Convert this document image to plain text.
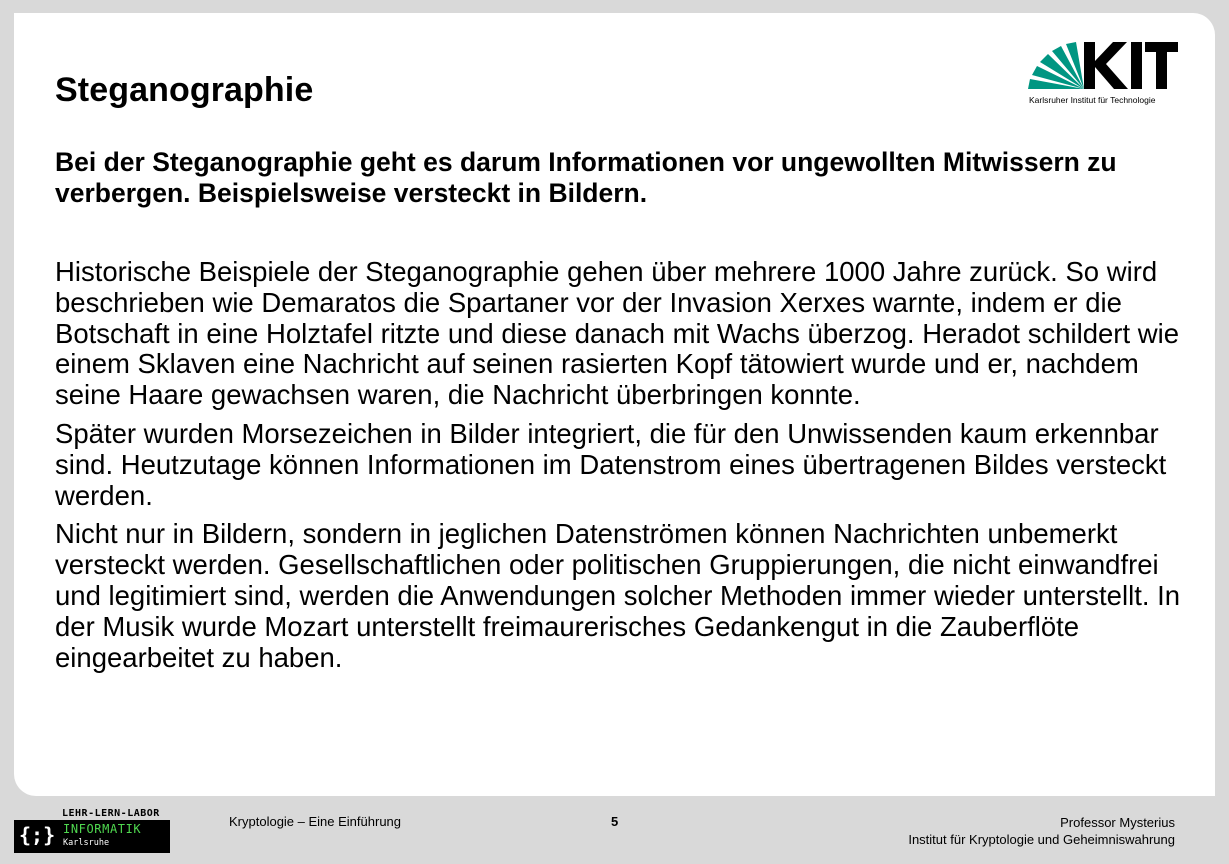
Steganographie	Karlsruher Institut für Technologie
Bei der Steganographie geht es darum Informationen vor ungewollten Mitwissern zu verbergen. Beispielsweise versteckt in Bildern.

Historische Beispiele der Steganographie gehen über mehrere 1000 Jahre zurück. So wird beschrieben wie Demaratos die Spartaner vor der Invasion Xerxes warnte, indem er die Botschaft in eine Holztafel ritzte und diese danach mit Wachs überzog. Heradot schildert wie einem Sklaven eine Nachricht auf seinen rasierten Kopf tätowiert wurde und er, nachdem seine Haare gewachsen waren, die Nachricht überbringen konnte.

Später wurden Morsezeichen in Bilder integriert, die für den Unwissenden kaum erkennbar sind. Heutzutage können Informationen im Datenstrom eines übertragenen Bildes versteckt werden.

Nicht nur in Bildern, sondern in jeglichen Datenströmen können Nachrichten unbemerkt versteckt werden. Gesellschaftlichen oder politischen Gruppierungen, die nicht einwandfrei und legitimiert sind, werden die Anwendungen solcher Methoden immer wieder unterstellt. In der Musik wurde Mozart unterstellt freimaurerisches Gedankengut in die Zauberflöte eingearbeitet zu haben.

LEHR-LERN-LABOR
{;} INFORMATIK
Karlsruhe
Kryptologie – Eine Einführung	5	Professor Mysterius
Institut für Kryptologie und Geheimniswahrung
